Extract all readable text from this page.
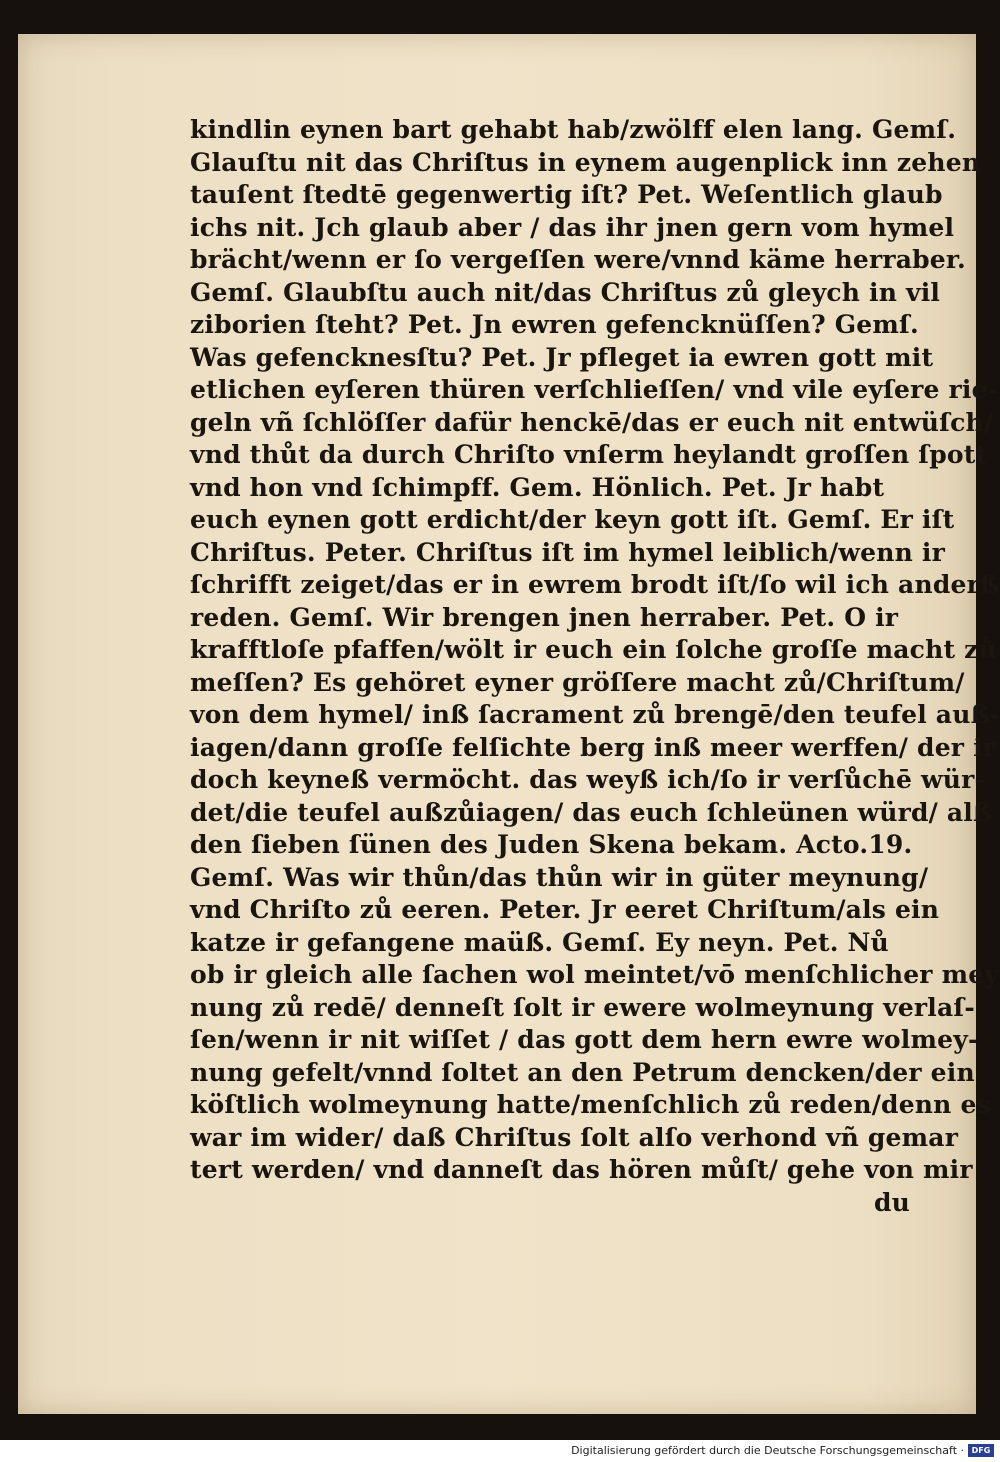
kindlin eynen bart gehabt hab/zwölff elen lang. Gemſ.
Glauſtu nit das Chriſtus in eynem augenplick inn zehen
tauſent ſtedtē gegenwertig iſt? Pet. Weſentlich glaub
ichs nit. Jch glaub aber / das ihr jnen gern vom hymel
brächt/wenn er ſo vergeſſen were/vnnd käme herraber.
Gemſ. Glaubſtu auch nit/das Chriſtus zů gleych in vil
ziborien ſteht? Pet. Jn ewren gefencknüſſen? Gemſ.
Was gefencknesſtu? Pet. Jr pfleget ia ewren gott mit
etlichen eyſeren thüren verſchlieſſen/ vnd vile eyſere rie-
geln vñ ſchlöſſer dafür henckē/das er euch nit entwüſch/
vnd thůt da durch Chriſto vnſerm heylandt groſſen ſpott
vnd hon vnd ſchimpff. Gem. Hönlich. Pet. Jr habt
euch eynen gott erdicht/der keyn gott iſt. Gemſ. Er iſt
Chriſtus. Peter. Chriſtus iſt im hymel leiblich/wenn ir
ſchrifft zeiget/das er in ewrem brodt iſt/ſo wil ich anderß
reden. Gemſ. Wir brengen jnen herraber. Pet. O ir
krafftloſe pfaffen/wölt ir euch ein ſolche groſſe macht zů
meſſen? Es gehöret eyner gröſſere macht zů/Chriſtum/
von dem hymel/ inß ſacrament zů brengē/den teufel auß-
iagen/dann groſſe felſichte berg inß meer werffen/ der ir
doch keyneß vermöcht. das weyß ich/ſo ir verſůchē wür-
det/die teufel außzůiagen/ das euch ſchleünen würd/ alß
den ſieben ſünen des Juden Skena bekam. Acto.19.
Gemſ. Was wir thůn/das thůn wir in güter meynung/
vnd Chriſto zů eeren. Peter. Jr eeret Chriſtum/als ein
katze ir gefangene maüß. Gemſ. Ey neyn. Pet. Nů
ob ir gleich alle ſachen wol meintet/vō menſchlicher mey
nung zů redē/ denneſt ſolt ir ewere wolmeynung verlaſ-
ſen/wenn ir nit wiſſet / das gott dem hern ewre wolmey-
nung gefelt/vnnd ſoltet an den Petrum dencken/der ein
köſtlich wolmeynung hatte/menſchlich zů reden/denn es
war im wider/ daß Chriſtus ſolt alſo verhond vñ gemar
tert werden/ vnd danneſt das hören můſt/ gehe von mir
du
Digitalisierung gefördert durch die Deutsche Forschungsgemeinschaft · DFG
